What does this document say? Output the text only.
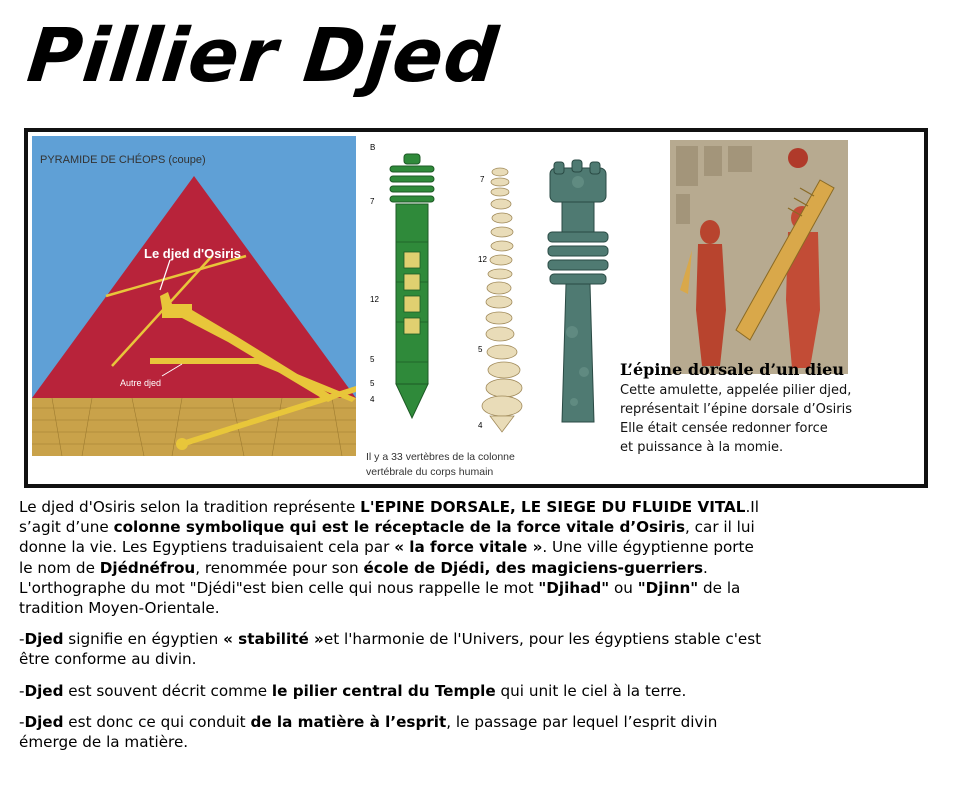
Pillier Djed
PYRAMIDE DE CHÉOPS (coupe)
Le djed d'Osiris
Autre djed
B
7
12
5
5
4
7
12
5
4
Il y a 33 vertèbres de la colonne vertébrale du corps humain

L’épine dorsale d’un dieu

Cette amulette, appelée pilier djed,
représentait l’épine dorsale d’Osiris
Elle était censée redonner force
et puissance à la momie.

Le djed d'Osiris selon la tradition représente L'EPINE DORSALE, LE SIEGE DU FLUIDE VITAL.Il s’agit d’une colonne symbolique qui est le réceptacle de la force vitale d’Osiris, car il lui donne la vie. Les Egyptiens traduisaient cela par « la force vitale ». Une ville égyptienne porte le nom de Djédnéfrou, renommée pour son école de Djédi, des magiciens-guerriers. L'orthographe du mot "Djédi"est bien celle qui nous rappelle le mot "Djihad" ou "Djinn" de la tradition Moyen-Orientale.

-Djed signifie en égyptien « stabilité »et l'harmonie de l'Univers, pour les égyptiens stable c'est être conforme au divin.

-Djed est souvent décrit comme le pilier central du Temple qui unit le ciel à la terre.

-Djed est donc ce qui conduit de la matière à l’esprit, le passage par lequel l’esprit divin émerge de la matière.
